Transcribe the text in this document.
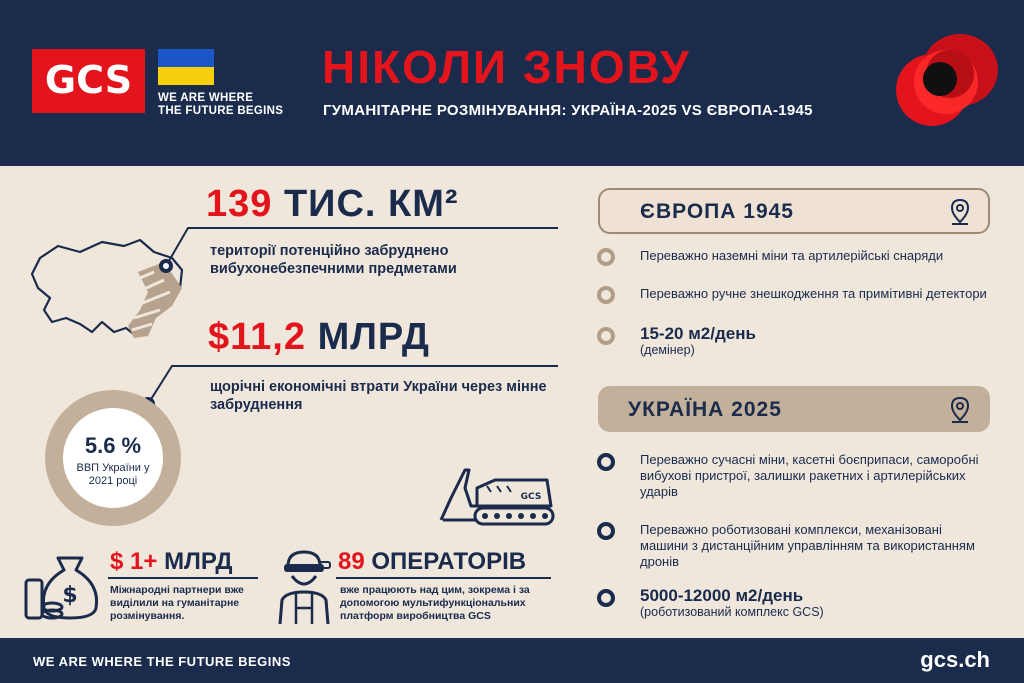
GCS WE ARE WHERE
THE FUTURE BEGINS
НІКОЛИ ЗНОВУ
ГУМАНІТАРНЕ РОЗМІНУВАННЯ: УКРАЇНА-2025 VS ЄВРОПА-1945
139 ТИС. КМ²
території потенційно забруднено вибухонебезпечними предметами
$11,2 МЛРД
щорічні економічні втрати України через мінне забруднення
5.6 %
ВВП України у 2021 році
GCS
$
$ 1+ МЛРД
Міжнародні партнери вже виділили на гуманітарне розмінування.
89 ОПЕРАТОРІВ
вже працюють над цим, зокрема і за допомогою мультифункціональних платформ виробництва GCS
ЄВРОПА 1945
Переважно наземні міни та артилерійські снаряди
Переважно ручне знешкодження та примітивні детектори
15-20 м2/день
(демінер)
УКРАЇНА 2025
Переважно сучасні міни, касетні боєприпаси, саморобні вибухові пристрої, залишки ракетних і артилерійських ударів
Переважно роботизовані комплекси, механізовані машини з дистанційним управлінням та використанням дронів
5000-12000 м2/день
(роботизований комплекс GCS)
WE ARE WHERE THE FUTURE BEGINS	gcs.ch
